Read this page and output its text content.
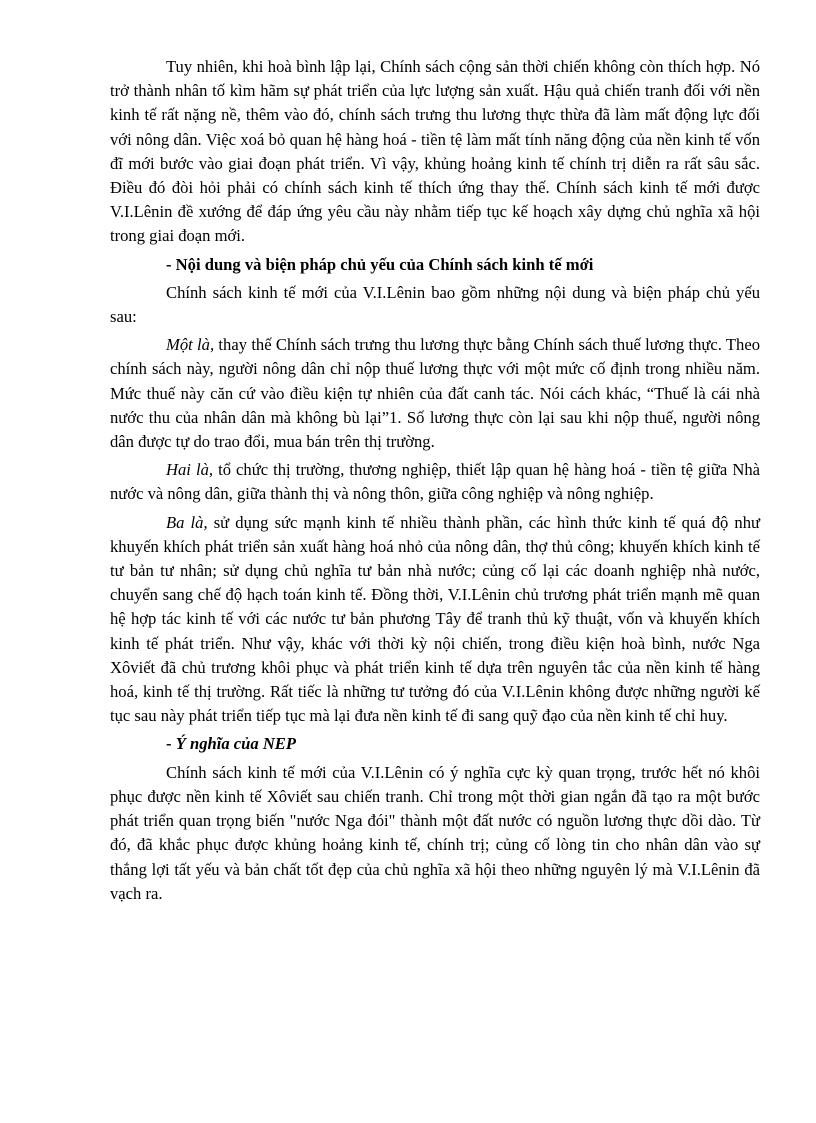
Tuy nhiên, khi hoà bình lập lại, Chính sách cộng sản thời chiến không còn thích hợp. Nó trở thành nhân tố kìm hãm sự phát triển của lực lượng sản xuất. Hậu quả chiến tranh đối với nền kinh tế rất nặng nề, thêm vào đó, chính sách trưng thu lương thực thừa đã làm mất động lực đối với nông dân. Việc xoá bỏ quan hệ hàng hoá - tiền tệ làm mất tính năng động của nền kinh tế vốn đĩ mới bước vào giai đoạn phát triển. Vì vậy, khủng hoảng kinh tế chính trị diễn ra rất sâu sắc. Điều đó đòi hỏi phải có chính sách kinh tế thích ứng thay thế. Chính sách kinh tế mới được V.I.Lênin đề xướng để đáp ứng yêu cầu này nhằm tiếp tục kế hoạch xây dựng chủ nghĩa xã hội trong giai đoạn mới.

- Nội dung và biện pháp chủ yếu của Chính sách kinh tế mới

Chính sách kinh tế mới của V.I.Lênin bao gồm những nội dung và biện pháp chủ yếu sau:

Một là, thay thế Chính sách trưng thu lương thực bằng Chính sách thuế lương thực. Theo chính sách này, người nông dân chỉ nộp thuế lương thực với một mức cố định trong nhiều năm. Mức thuế này căn cứ vào điều kiện tự nhiên của đất canh tác. Nói cách khác, “Thuế là cái nhà nước thu của nhân dân mà không bù lại”1. Số lương thực còn lại sau khi nộp thuế, người nông dân được tự do trao đổi, mua bán trên thị trường.

Hai là, tổ chức thị trường, thương nghiệp, thiết lập quan hệ hàng hoá - tiền tệ giữa Nhà nước và nông dân, giữa thành thị và nông thôn, giữa công nghiệp và nông nghiệp.

Ba là, sử dụng sức mạnh kinh tế nhiều thành phần, các hình thức kinh tế quá độ như khuyến khích phát triển sản xuất hàng hoá nhỏ của nông dân, thợ thủ công; khuyến khích kinh tế tư bản tư nhân; sử dụng chủ nghĩa tư bản nhà nước; củng cố lại các doanh nghiệp nhà nước, chuyển sang chế độ hạch toán kinh tế. Đồng thời, V.I.Lênin chủ trương phát triển mạnh mẽ quan hệ hợp tác kinh tế với các nước tư bản phương Tây để tranh thủ kỹ thuật, vốn và khuyến khích kinh tế phát triển. Như vậy, khác với thời kỳ nội chiến, trong điều kiện hoà bình, nước Nga Xôviết đã chủ trương khôi phục và phát triển kinh tế dựa trên nguyên tắc của nền kinh tế hàng hoá, kinh tế thị trường. Rất tiếc là những tư tưởng đó của V.I.Lênin không được những người kế tục sau này phát triển tiếp tục mà lại đưa nền kinh tế đi sang quỹ đạo của nền kinh tế chỉ huy.

- Ý nghĩa của NEP

Chính sách kinh tế mới của V.I.Lênin có ý nghĩa cực kỳ quan trọng, trước hết nó khôi phục được nền kinh tế Xôviết sau chiến tranh. Chỉ trong một thời gian ngắn đã tạo ra một bước phát triển quan trọng biến "nước Nga đói" thành một đất nước có nguồn lương thực dồi dào. Từ đó, đã khắc phục được khủng hoảng kinh tế, chính trị; củng cố lòng tin cho nhân dân vào sự thắng lợi tất yếu và bản chất tốt đẹp của chủ nghĩa xã hội theo những nguyên lý mà V.I.Lênin đã vạch ra.
